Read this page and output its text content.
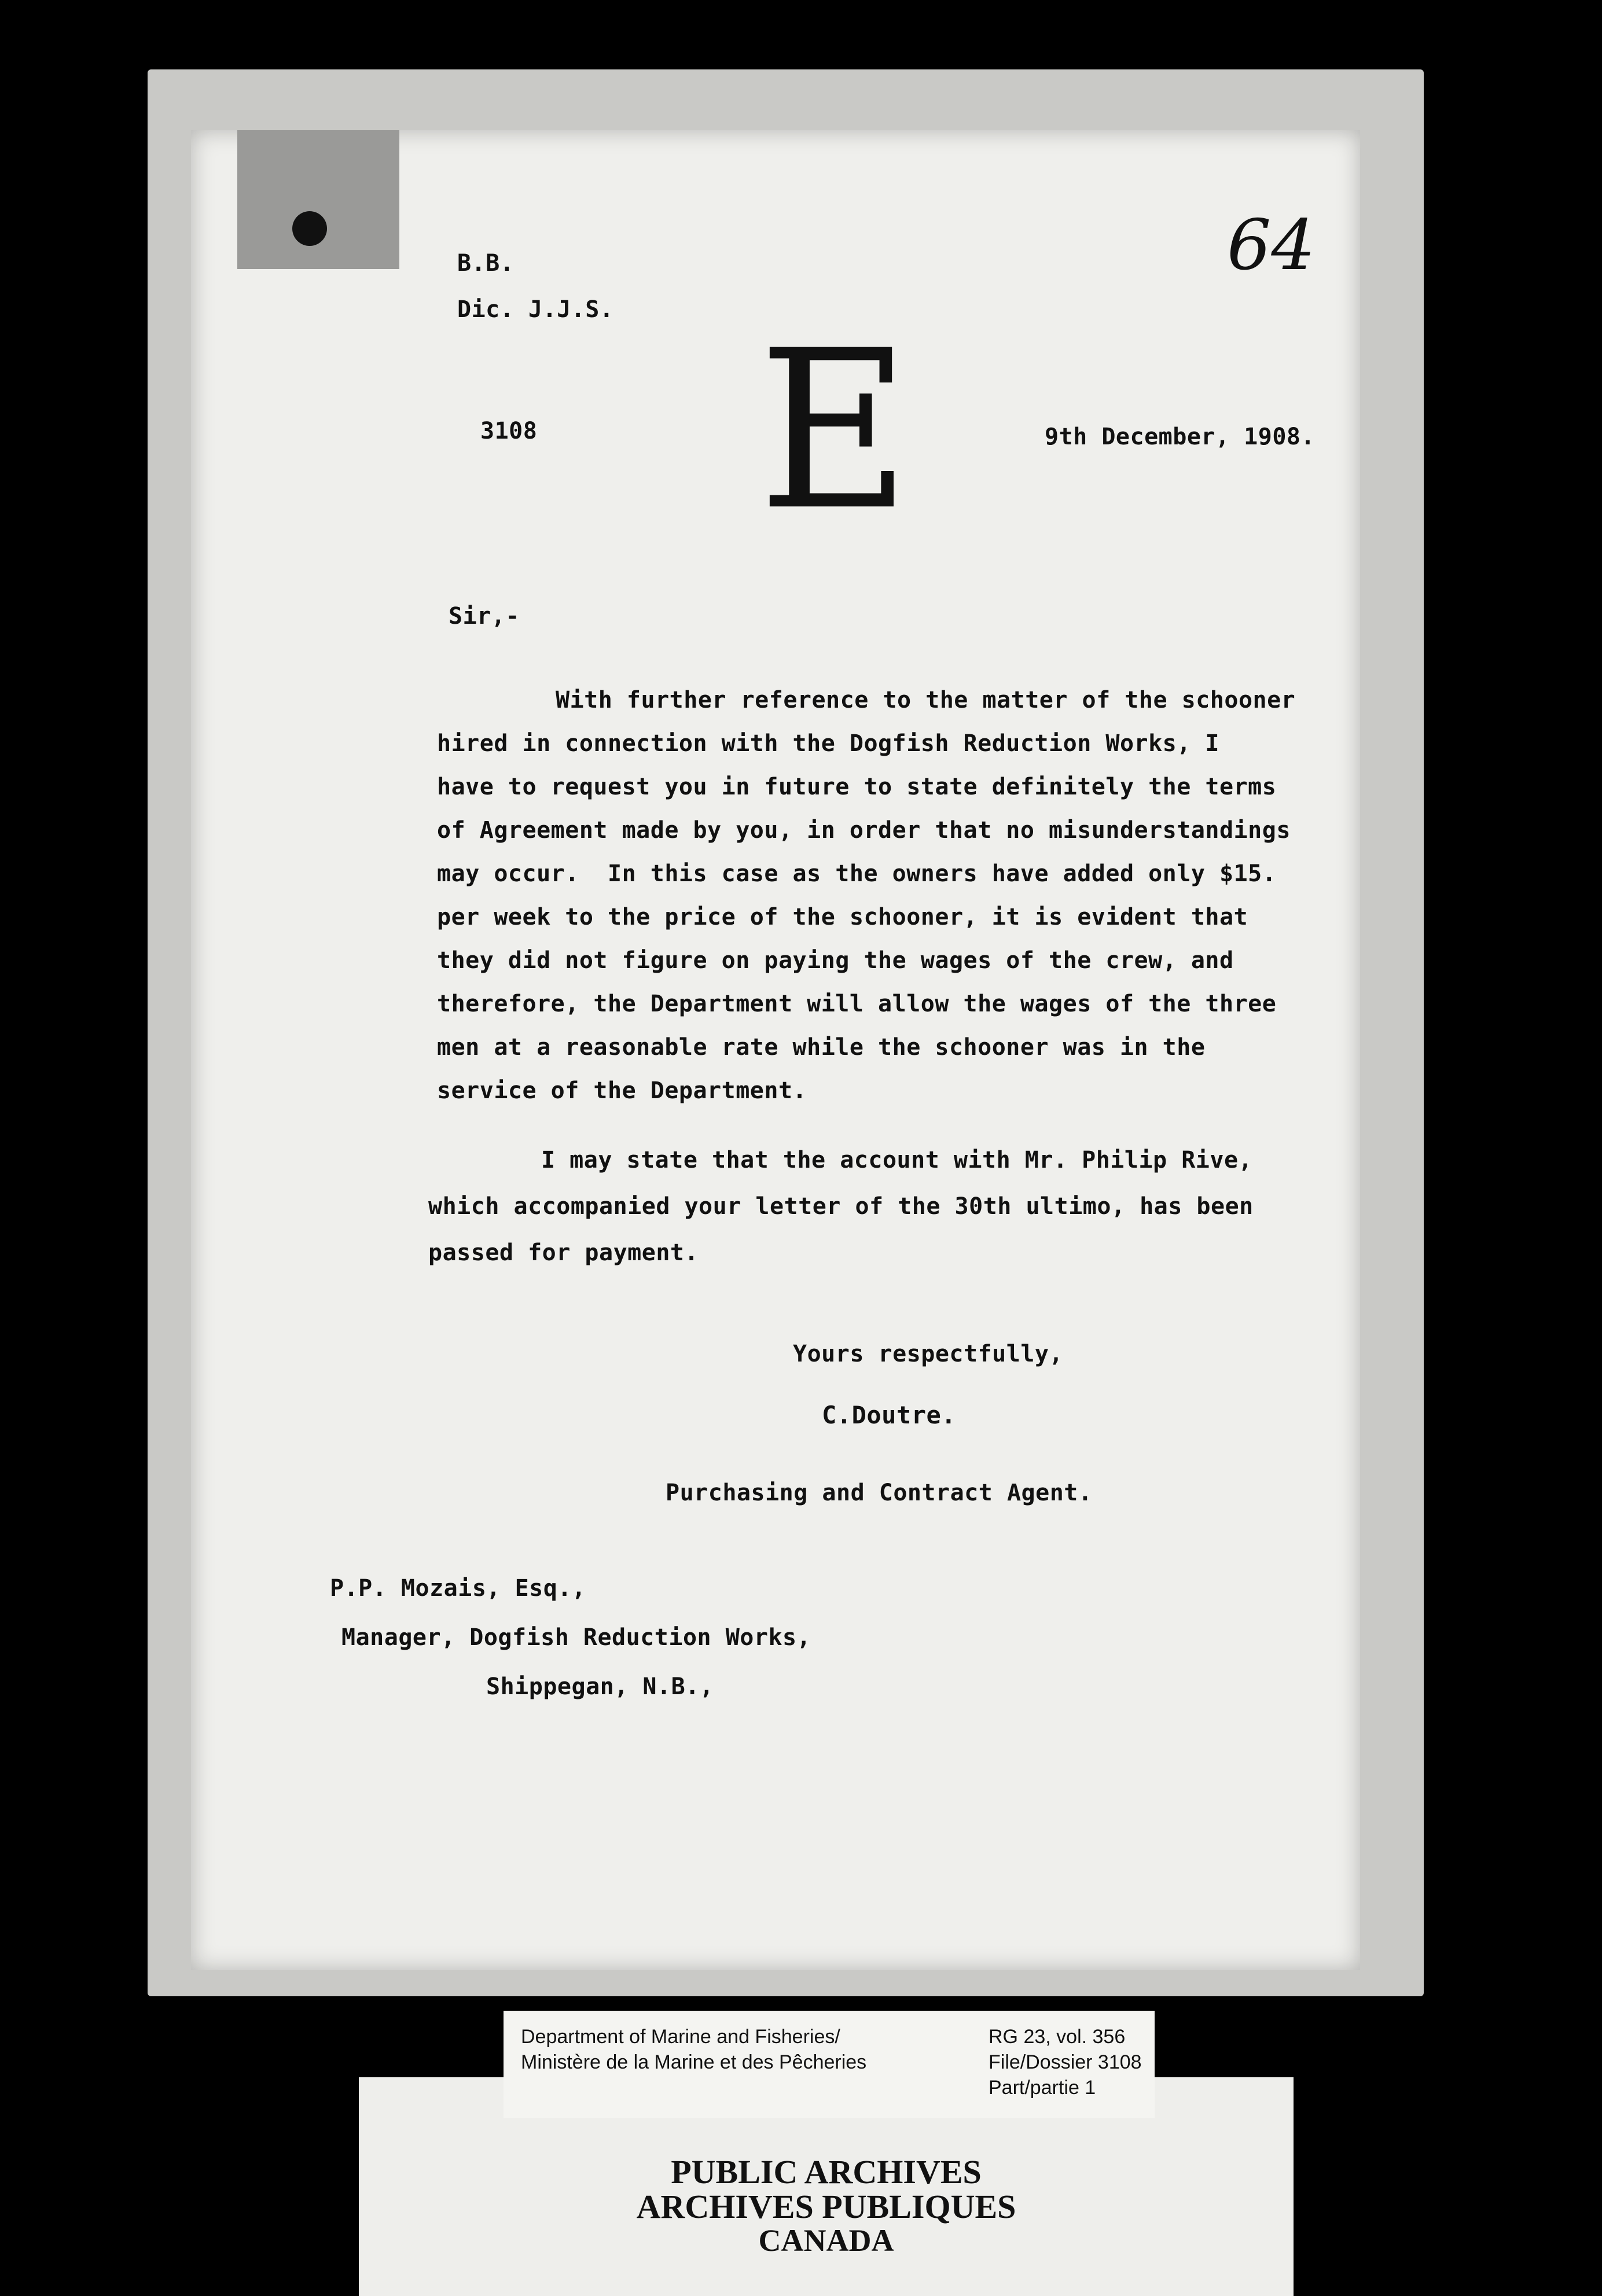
B.B.
Dic. J.J.S.
64
E
3108	9th December, 1908.
Sir,-
With further reference to the matter of the schooner
hired in connection with the Dogfish Reduction Works, I
have to request you in future to state definitely the terms
of Agreement made by you, in order that no misunderstandings
may occur.  In this case as the owners have added only $15.
per week to the price of the schooner, it is evident that
they did not figure on paying the wages of the crew, and
therefore, the Department will allow the wages of the three
men at a reasonable rate while the schooner was in the
service of the Department.
I may state that the account with Mr. Philip Rive,
which accompanied your letter of the 30th ultimo, has been
passed for payment.
Yours respectfully,
C.Doutre.
Purchasing and Contract Agent.
P.P. Mozais, Esq.,
Manager, Dogfish Reduction Works,
Shippegan, N.B.,
PUBLIC ARCHIVES
ARCHIVES PUBLIQUES
CANADA
Department of Marine and Fisheries/
Ministère de la Marine et des Pêcheries
RG 23, vol. 356
File/Dossier 3108
Part/partie 1
